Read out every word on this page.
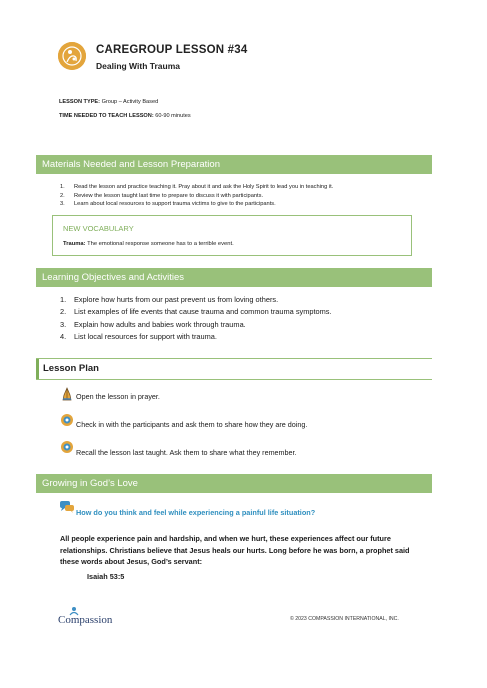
CAREGROUP LESSON #34
Dealing With Trauma
LESSON TYPE: Group – Activity Based
TIME NEEDED TO TEACH LESSON: 60-90 minutes
Materials Needed and Lesson Preparation
1. Read the lesson and practice teaching it. Pray about it and ask the Holy Spirit to lead you in teaching it.
2. Review the lesson taught last time to prepare to discuss it with participants.
3. Learn about local resources to support trauma victims to give to the participants.
NEW VOCABULARY
Trauma: The emotional response someone has to a terrible event.
Learning Objectives and Activities
1. Explore how hurts from our past prevent us from loving others.
2. List examples of life events that cause trauma and common trauma symptoms.
3. Explain how adults and babies work through trauma.
4. List local resources for support with trauma.
Lesson Plan
Open the lesson in prayer.
Check in with the participants and ask them to share how they are doing.
Recall the lesson last taught. Ask them to share what they remember.
Growing in God’s Love
How do you think and feel while experiencing a painful life situation?
All people experience pain and hardship, and when we hurt, these experiences affect our future relationships. Christians believe that Jesus heals our hurts. Long before he was born, a prophet said these words about Jesus, God’s servant:
Isaiah 53:5
Compassion	© 2023 COMPASSION INTERNATIONAL, INC.
